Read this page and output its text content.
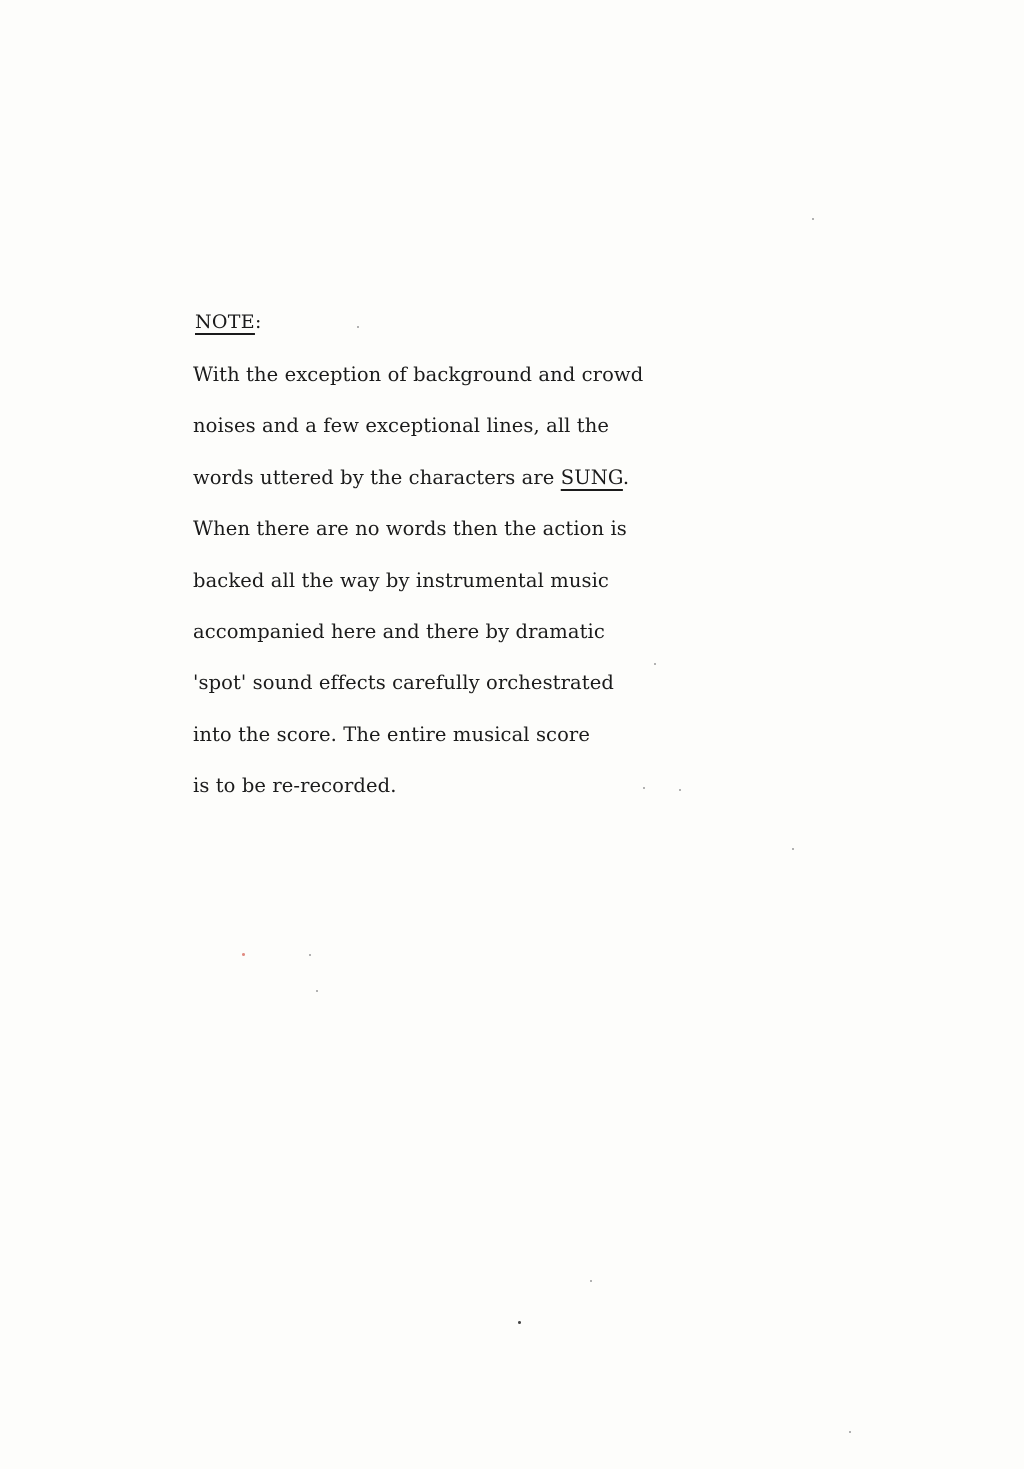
NOTE:
With the exception of background and crowd
noises and a few exceptional lines, all the
words uttered by the characters are SUNG.
When there are no words then the action is
backed all the way by instrumental music
accompanied here and there by dramatic
'spot' sound effects carefully orchestrated
into the score. The entire musical score
is to be re-recorded.
